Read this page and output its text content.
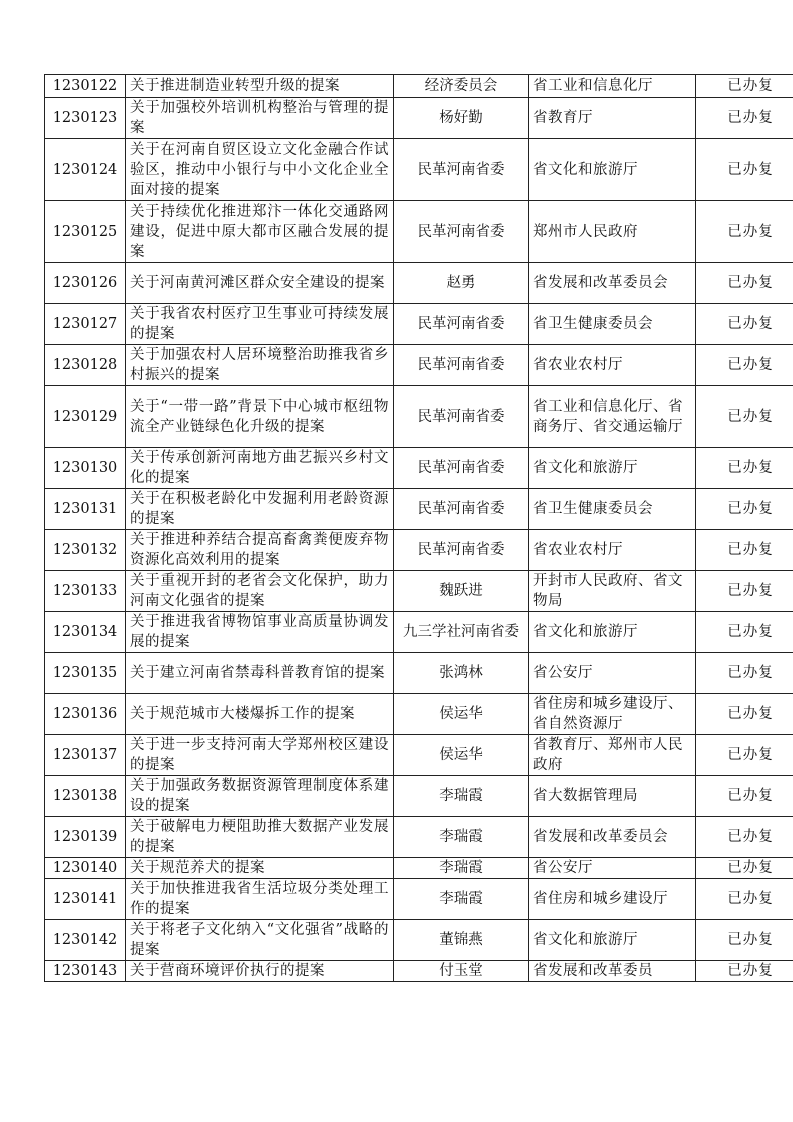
1230122	关于推进制造业转型升级的提案	经济委员会	省工业和信息化厅	已办复
1230123	关于加强校外培训机构整治与管理的提案	杨好勤	省教育厅	已办复
1230124	关于在河南自贸区设立文化金融合作试验区，推动中小银行与中小文化企业全面对接的提案	民革河南省委	省文化和旅游厅	已办复
1230125	关于持续优化推进郑汴一体化交通路网建设，促进中原大都市区融合发展的提案	民革河南省委	郑州市人民政府	已办复
1230126	关于河南黄河滩区群众安全建设的提案	赵勇	省发展和改革委员会	已办复
1230127	关于我省农村医疗卫生事业可持续发展的提案	民革河南省委	省卫生健康委员会	已办复
1230128	关于加强农村人居环境整治助推我省乡村振兴的提案	民革河南省委	省农业农村厅	已办复
1230129	关于“一带一路”背景下中心城市枢纽物流全产业链绿色化升级的提案	民革河南省委	省工业和信息化厅、省商务厅、省交通运输厅	已办复
1230130	关于传承创新河南地方曲艺振兴乡村文化的提案	民革河南省委	省文化和旅游厅	已办复
1230131	关于在积极老龄化中发掘利用老龄资源的提案	民革河南省委	省卫生健康委员会	已办复
1230132	关于推进种养结合提高畜禽粪便废弃物资源化高效利用的提案	民革河南省委	省农业农村厅	已办复
1230133	关于重视开封的老省会文化保护，助力河南文化强省的提案	魏跃进	开封市人民政府、省文物局	已办复
1230134	关于推进我省博物馆事业高质量协调发展的提案	九三学社河南省委	省文化和旅游厅	已办复
1230135	关于建立河南省禁毒科普教育馆的提案	张鸿林	省公安厅	已办复
1230136	关于规范城市大楼爆拆工作的提案	侯运华	省住房和城乡建设厅、省自然资源厅	已办复
1230137	关于进一步支持河南大学郑州校区建设的提案	侯运华	省教育厅、郑州市人民政府	已办复
1230138	关于加强政务数据资源管理制度体系建设的提案	李瑞霞	省大数据管理局	已办复
1230139	关于破解电力梗阻助推大数据产业发展的提案	李瑞霞	省发展和改革委员会	已办复
1230140	关于规范养犬的提案	李瑞霞	省公安厅	已办复
1230141	关于加快推进我省生活垃圾分类处理工作的提案	李瑞霞	省住房和城乡建设厅	已办复
1230142	关于将老子文化纳入“文化强省”战略的提案	董锦燕	省文化和旅游厅	已办复
1230143	关于营商环境评价执行的提案	付玉堂	省发展和改革委员	已办复
